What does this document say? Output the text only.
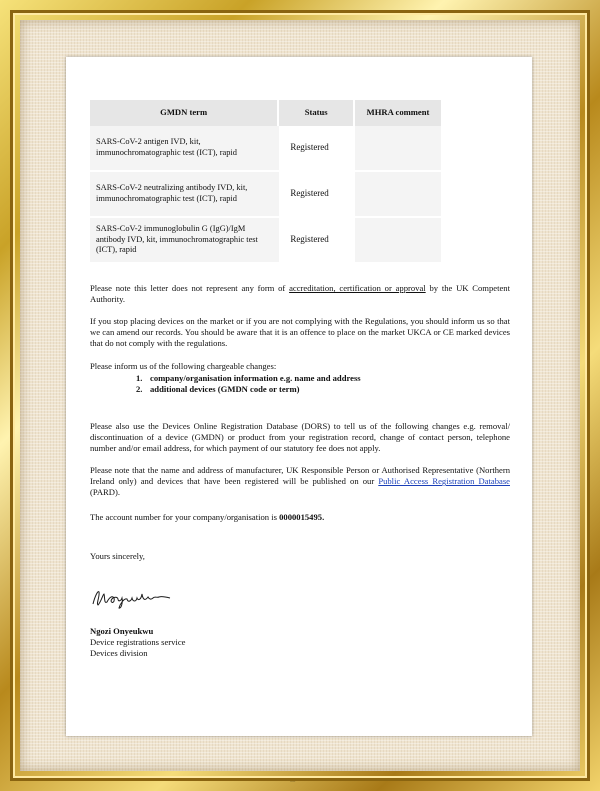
GMDN term	Status	MHRA comment
SARS-CoV-2 antigen IVD, kit, immunochromatographic test (ICT), rapid	Registered	
SARS-CoV-2 neutralizing antibody IVD, kit, immunochromatographic test (ICT), rapid	Registered	
SARS-CoV-2 immunoglobulin G (IgG)/IgM antibody IVD, kit, immunochromatographic test (ICT), rapid	Registered	

Please note this letter does not represent any form of accreditation, certification or approval by the UK Competent Authority.

If you stop placing devices on the market or if you are not complying with the Regulations, you should inform us so that we can amend our records. You should be aware that it is an offence to place on the market UKCA or CE marked devices that do not comply with the regulations.

Please inform us of the following chargeable changes:

1. company/organisation information e.g. name and address
2. additional devices (GMDN code or term)

Please also use the Devices Online Registration Database (DORS) to tell us of the following changes e.g. removal/ discontinuation of a device (GMDN) or product from your registration record, change of contact person, telephone number and/or email address, for which payment of our statutory fee does not apply.

Please note that the name and address of manufacturer, UK Responsible Person or Authorised Representative (Northern Ireland only) and devices that have been registered will be published on our Public Access Registration Database (PARD).

The account number for your company/organisation is 0000015495.

Yours sincerely,

NOnyeukwu
Ngozi Onyeukwu
Device registrations service
Devices division
